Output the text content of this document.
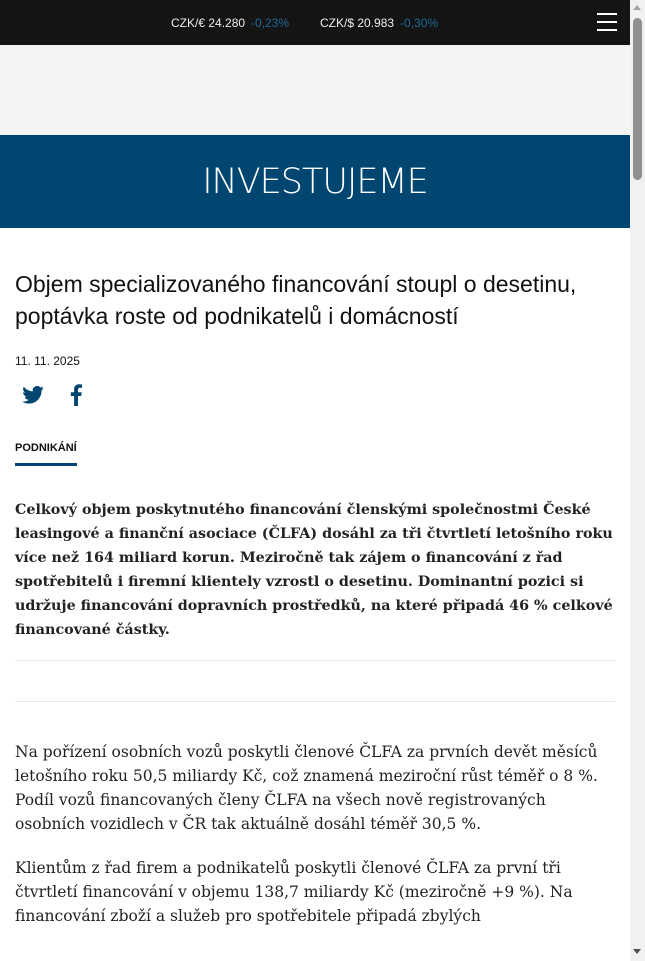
CZK/€ 24.280 -0,23%	CZK/$ 20.983 -0,30%
INVESTUJEME
Objem specializovaného financování stoupl o desetinu, poptávka roste od podnikatelů i domácností
11. 11. 2025
PODNIKÁNÍ
Celkový objem poskytnutého financování členskými společnostmi České leasingové a finanční asociace (ČLFA) dosáhl za tři čtvrtletí letošního roku více než 164 miliard korun. Meziročně tak zájem o financování z řad spotřebitelů i firemní klientely vzrostl o desetinu. Dominantní pozici si udržuje financování dopravních prostředků, na které připadá 46 % celkové financované částky.

Na pořízení osobních vozů poskytli členové ČLFA za prvních devět měsíců letošního roku 50,5 miliardy Kč, což znamená meziroční růst téměř o 8 %. Podíl vozů financovaných členy ČLFA na všech nově registrovaných osobních vozidlech v ČR tak aktuálně dosáhl téměř 30,5 %.

Klientům z řad firem a podnikatelů poskytli členové ČLFA za první tři čtvrtletí financování v objemu 138,7 miliardy Kč (meziročně +9 %). Na financování zboží a služeb pro spotřebitele připadá zbylých
